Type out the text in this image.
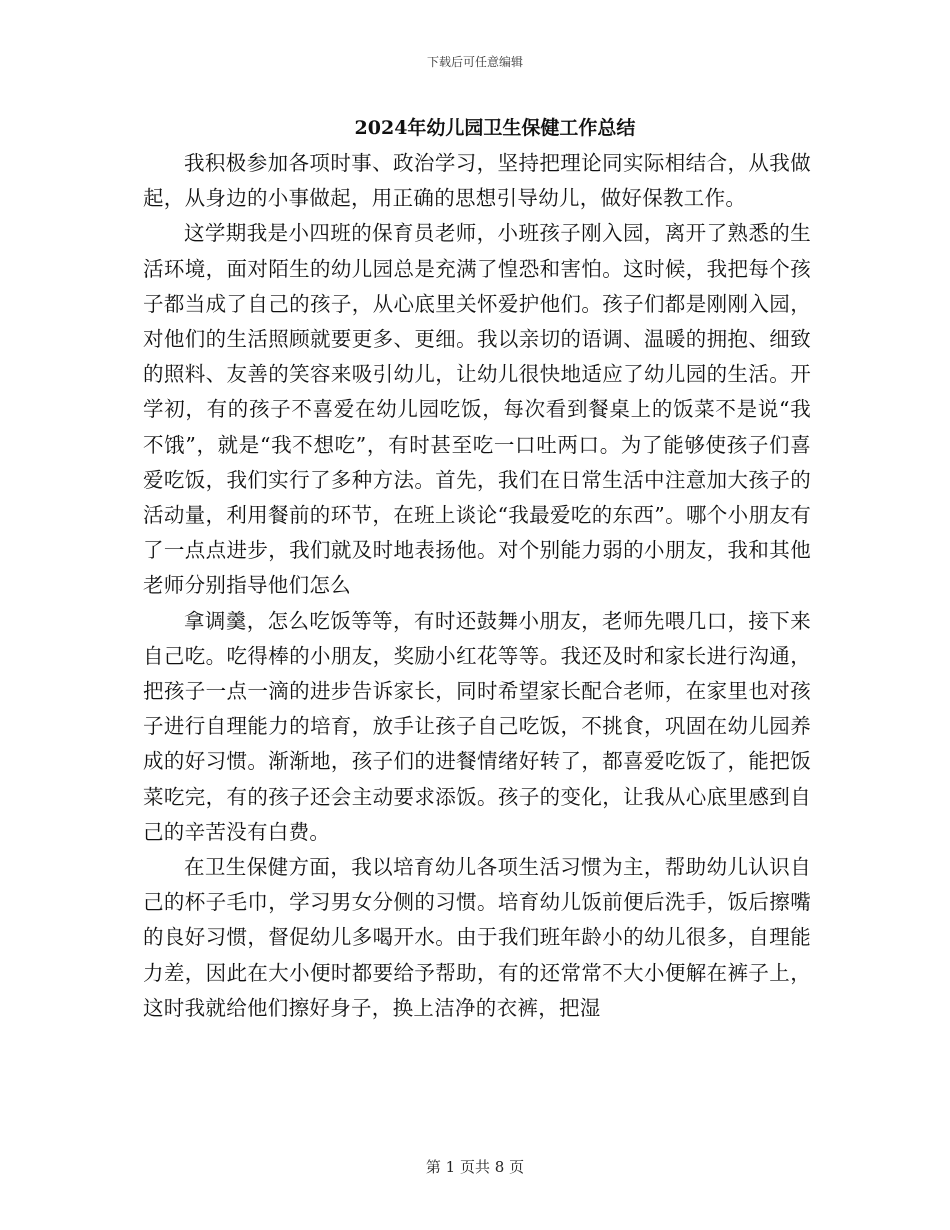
下载后可任意编辑
2024年幼儿园卫生保健工作总结

我积极参加各项时事、政治学习，坚持把理论同实际相结合，从我做起，从身边的小事做起，用正确的思想引导幼儿，做好保教工作。

这学期我是小四班的保育员老师，小班孩子刚入园，离开了熟悉的生活环境，面对陌生的幼儿园总是充满了惶恐和害怕。这时候，我把每个孩子都当成了自己的孩子，从心底里关怀爱护他们。孩子们都是刚刚入园，对他们的生活照顾就要更多、更细。我以亲切的语调、温暖的拥抱、细致的照料、友善的笑容来吸引幼儿，让幼儿很快地适应了幼儿园的生活。开学初，有的孩子不喜爱在幼儿园吃饭，每次看到餐桌上的饭菜不是说“我不饿”，就是“我不想吃”，有时甚至吃一口吐两口。为了能够使孩子们喜爱吃饭，我们实行了多种方法。首先，我们在日常生活中注意加大孩子的活动量，利用餐前的环节，在班上谈论“我最爱吃的东西”。哪个小朋友有了一点点进步，我们就及时地表扬他。对个别能力弱的小朋友，我和其他老师分别指导他们怎么

拿调羹，怎么吃饭等等，有时还鼓舞小朋友，老师先喂几口，接下来自己吃。吃得棒的小朋友，奖励小红花等等。我还及时和家长进行沟通，把孩子一点一滴的进步告诉家长，同时希望家长配合老师，在家里也对孩子进行自理能力的培育，放手让孩子自己吃饭，不挑食，巩固在幼儿园养成的好习惯。渐渐地，孩子们的进餐情绪好转了，都喜爱吃饭了，能把饭菜吃完，有的孩子还会主动要求添饭。孩子的变化，让我从心底里感到自己的辛苦没有白费。

在卫生保健方面，我以培育幼儿各项生活习惯为主，帮助幼儿认识自己的杯子毛巾，学习男女分侧的习惯。培育幼儿饭前便后洗手，饭后擦嘴的良好习惯，督促幼儿多喝开水。由于我们班年龄小的幼儿很多，自理能力差，因此在大小便时都要给予帮助，有的还常常不大小便解在裤子上，这时我就给他们擦好身子，换上洁净的衣裤，把湿

第 1 页共 8 页
